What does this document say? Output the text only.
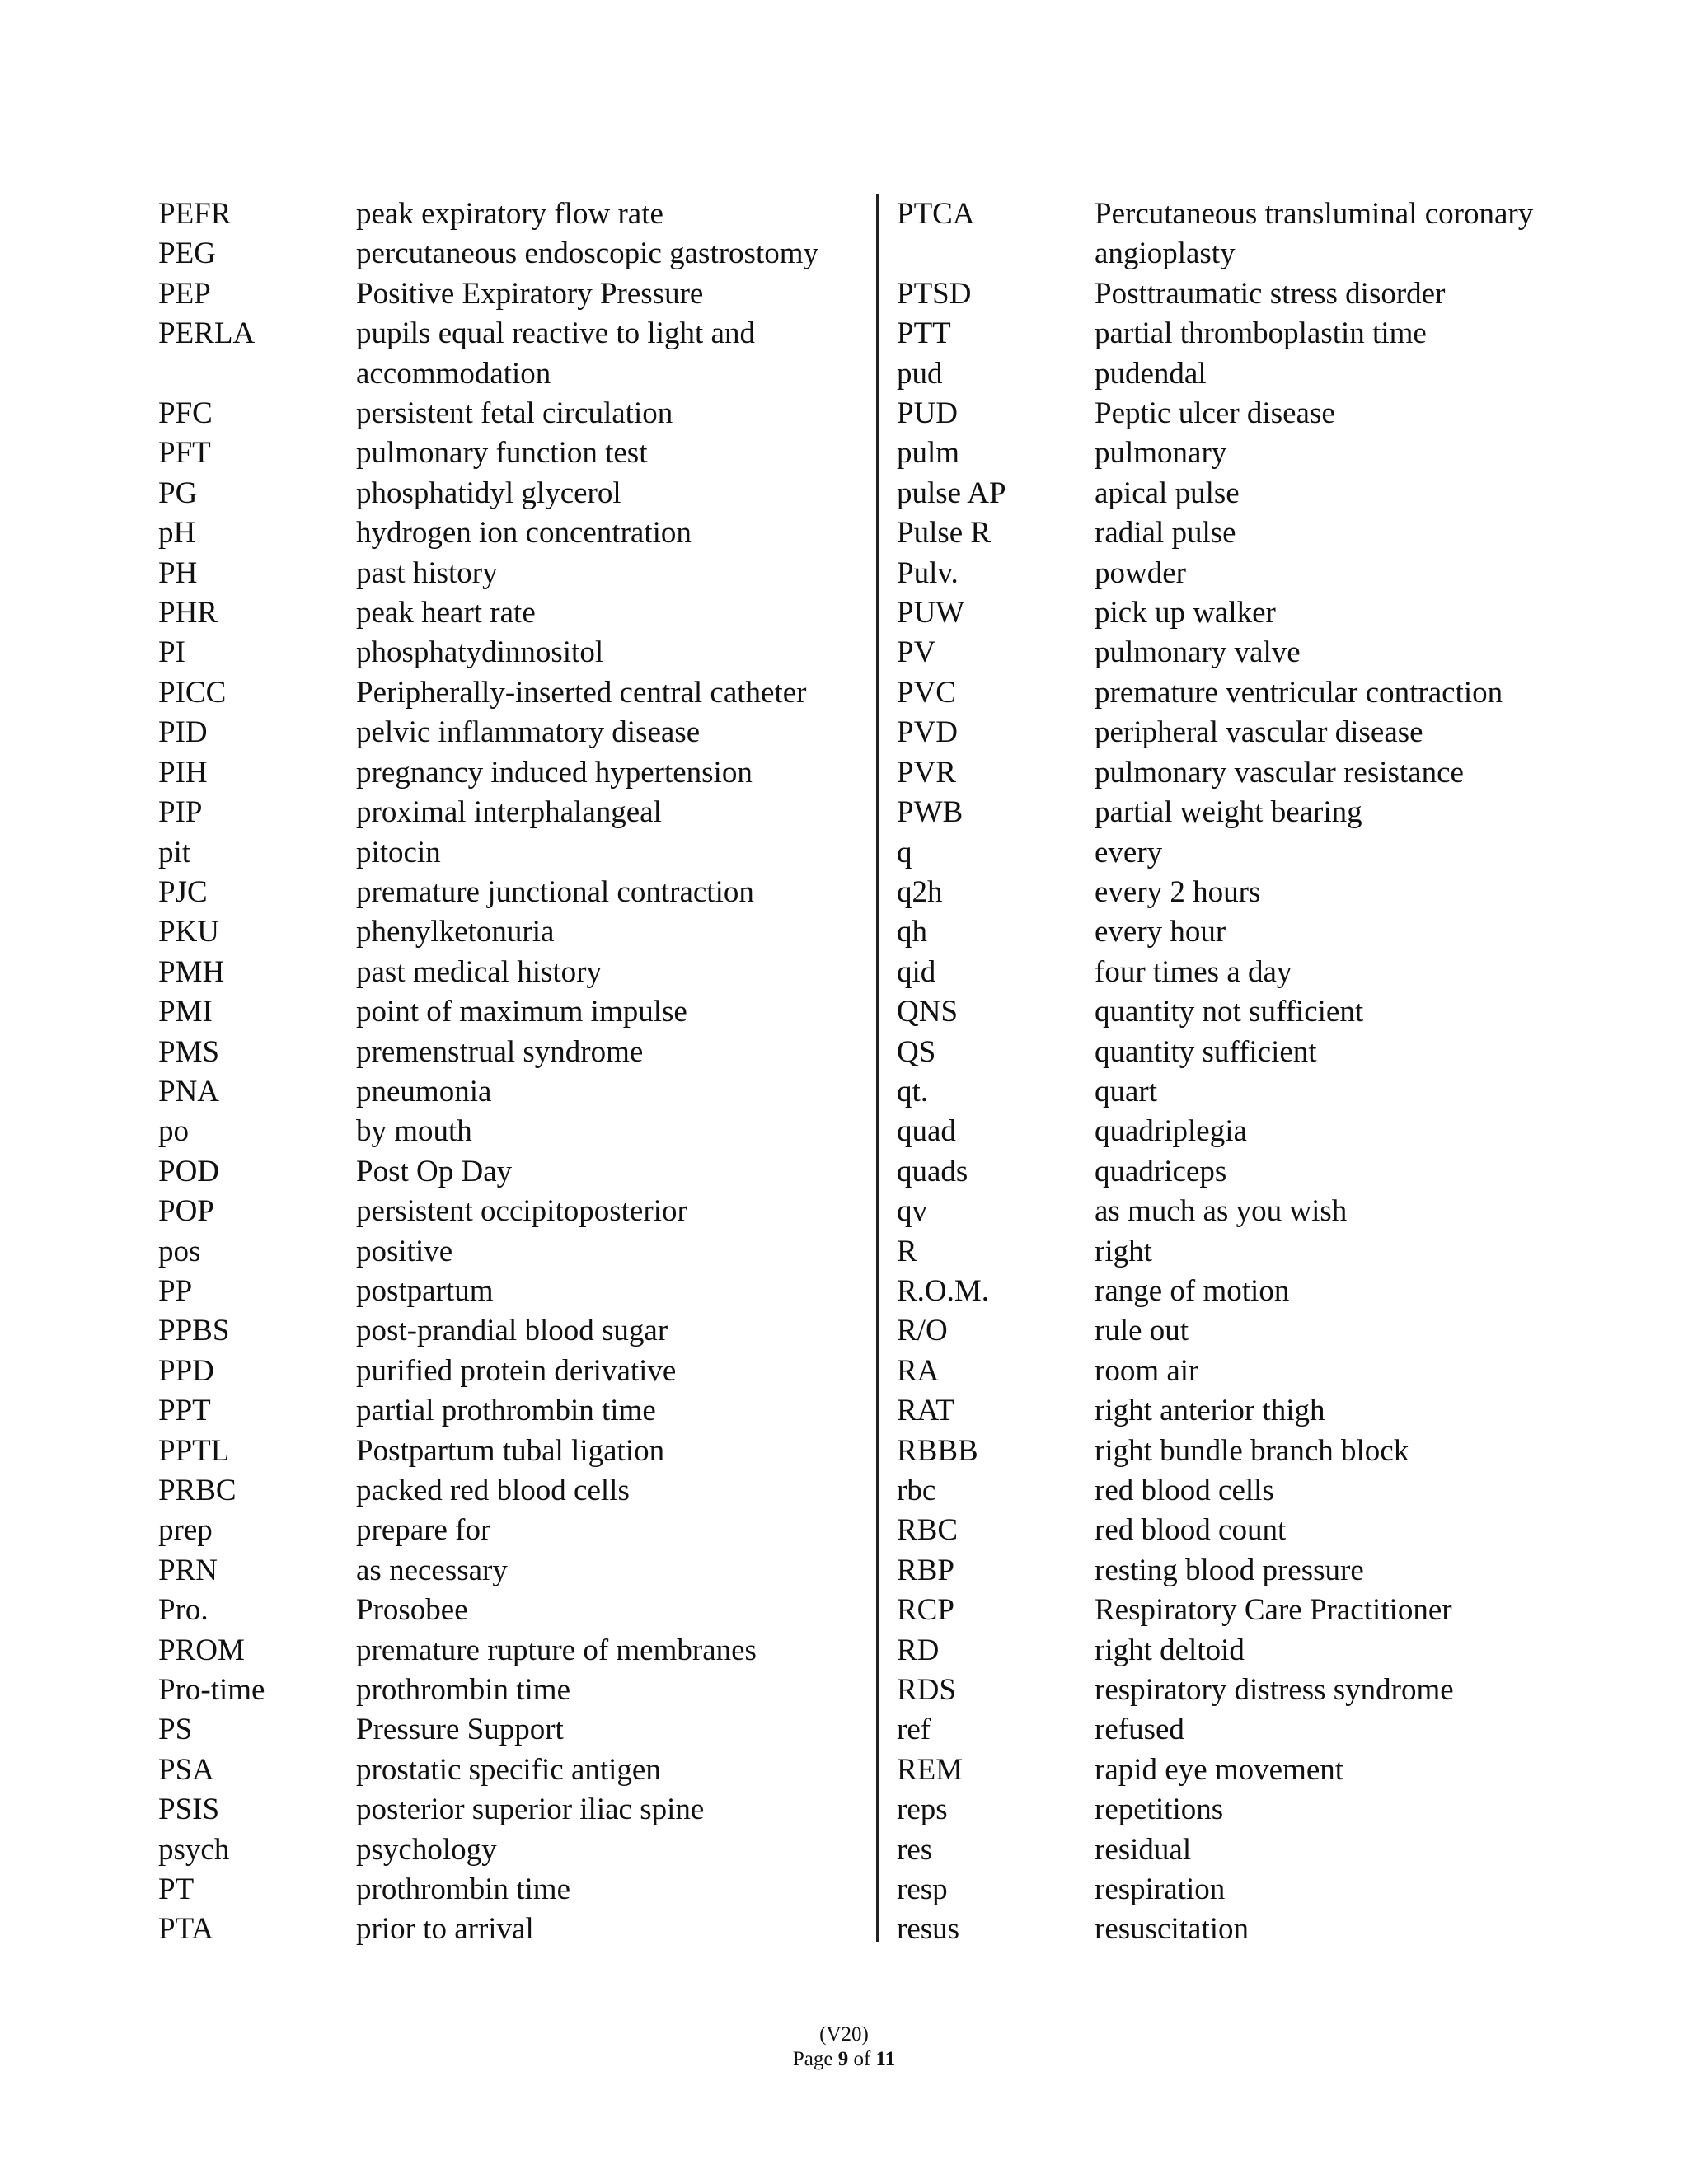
PEFR	peak expiratory flow rate
PEG	percutaneous endoscopic gastrostomy
PEP	Positive Expiratory Pressure
PERLA	pupils equal reactive to light and accommodation
PFC	persistent fetal circulation
PFT	pulmonary function test
PG	phosphatidyl glycerol
pH	hydrogen ion concentration
PH	past history
PHR	peak heart rate
PI	phosphatydinnositol
PICC	Peripherally-inserted central catheter
PID	pelvic inflammatory disease
PIH	pregnancy induced hypertension
PIP	proximal interphalangeal
pit	pitocin
PJC	premature junctional contraction
PKU	phenylketonuria
PMH	past medical history
PMI	point of maximum impulse
PMS	premenstrual syndrome
PNA	pneumonia
po	by mouth
POD	Post Op Day
POP	persistent occipitoposterior
pos	positive
PP	postpartum
PPBS	post-prandial blood sugar
PPD	purified protein derivative
PPT	partial prothrombin time
PPTL	Postpartum tubal ligation
PRBC	packed red blood cells
prep	prepare for
PRN	as necessary
Pro.	Prosobee
PROM	premature rupture of membranes
Pro-time	prothrombin time
PS	Pressure Support
PSA	prostatic specific antigen
PSIS	posterior superior iliac spine
psych	psychology
PT	prothrombin time
PTA	prior to arrival
PTCA	Percutaneous transluminal coronary angioplasty
PTSD	Posttraumatic stress disorder
PTT	partial thromboplastin time
pud	pudendal
PUD	Peptic ulcer disease
pulm	pulmonary
pulse AP	apical pulse
Pulse R	radial pulse
Pulv.	powder
PUW	pick up walker
PV	pulmonary valve
PVC	premature ventricular contraction
PVD	peripheral vascular disease
PVR	pulmonary vascular resistance
PWB	partial weight bearing
q	every
q2h	every 2 hours
qh	every hour
qid	four times a day
QNS	quantity not sufficient
QS	quantity sufficient
qt.	quart
quad	quadriplegia
quads	quadriceps
qv	as much as you wish
R	right
R.O.M.	range of motion
R/O	rule out
RA	room air
RAT	right anterior thigh
RBBB	right bundle branch block
rbc	red blood cells
RBC	red blood count
RBP	resting blood pressure
RCP	Respiratory Care Practitioner
RD	right deltoid
RDS	respiratory distress syndrome
ref	refused
REM	rapid eye movement
reps	repetitions
res	residual
resp	respiration
resus	resuscitation
(V20)
Page 9 of 11
